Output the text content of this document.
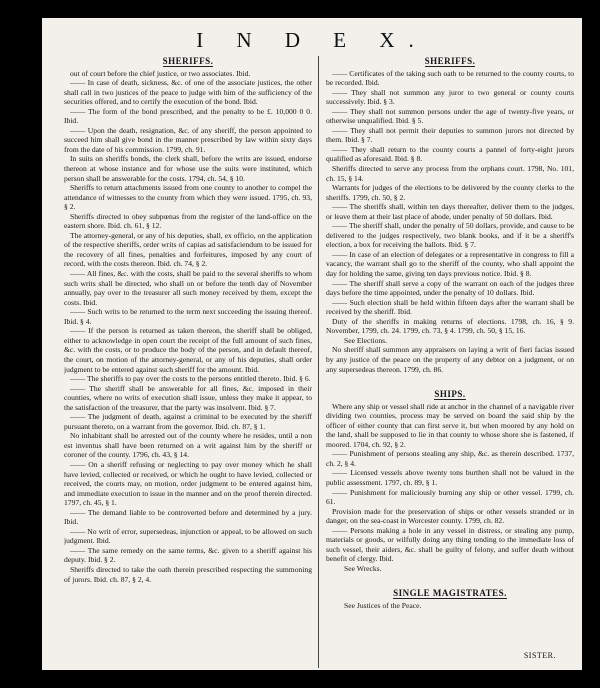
I N D E X.
SHERIFFS.

out of court before the chief justice, or two associates. Ibid.

—— In case of death, sickness, &c. of one of the associate justices, the other shall call in two justices of the peace to judge with him of the sufficiency of the securities offered, and to certify the execution of the bond. Ibid.

—— The form of the bond prescribed, and the penalty to be £. 10,000 0 0. Ibid.

—— Upon the death, resignation, &c. of any sheriff, the person appointed to succeed him shall give bond in the manner prescribed by law within sixty days from the date of his commission. 1799, ch. 91.

In suits on sheriffs bonds, the clerk shall, before the writs are issued, endorse thereon at whose instance and for whose use the suits were instituted, which person shall be answerable for the costs. 1794, ch. 54, § 10.

Sheriffs to return attachments issued from one county to another to compel the attendance of witnesses to the county from which they were issued. 1795, ch. 93, § 2.

Sheriffs directed to obey subpœnas from the register of the land-office on the eastern shore. Ibid. ch. 61, § 12.

The attorney-general, or any of his deputies, shall, ex officio, on the application of the respective sheriffs, order writs of capias ad satisfaciendum to be issued for the recovery of all fines, penalties and forfeitures, imposed by any court of record, with the costs thereon. Ibid. ch. 74, § 2.

—— All fines, &c. with the costs, shall be paid to the several sheriffs to whom such writs shall be directed, who shall on or before the tenth day of November annually, pay over to the treasurer all such money received by them, except the costs. Ibid.

—— Such writs to be returned to the term next succeeding the issuing thereof. Ibid. § 4.

—— If the person is returned as taken thereon, the sheriff shall be obliged, either to acknowledge in open court the receipt of the full amount of such fines, &c. with the costs, or to produce the body of the person, and in default thereof, the court, on motion of the attorney-general, or any of his deputies, shall order judgment to be entered against such sheriff for the amount. Ibid.

—— The sheriffs to pay over the costs to the persons entitled thereto. Ibid. § 6.

—— The sheriff shall be answerable for all fines, &c. imposed in their counties, where no writs of execution shall issue, unless they make it appear, to the satisfaction of the treasurer, that the party was insolvent. Ibid. § 7.

—— The judgment of death, against a criminal to be executed by the sheriff pursuant thereto, on a warrant from the governor. Ibid. ch. 87, § 1.

No inhabitant shall be arrested out of the county where he resides, until a non est inventus shall have been returned on a writ against him by the sheriff or coroner of the county. 1796, ch. 43, § 14.

—— On a sheriff refusing or neglecting to pay over money which he shall have levied, collected or received, or which he ought to have levied, collected or received, the courts may, on motion, order judgment to be entered against him, and immediate execution to issue in the manner and on the proof therein directed. 1797, ch. 45, § 1.

—— The demand liable to be controverted before and determined by a jury. Ibid.

—— No writ of error, supersedeas, injunction or appeal, to be allowed on such judgment. Ibid.

—— The same remedy on the same terms, &c. given to a sheriff against his deputy. Ibid. § 2.

Sheriffs directed to take the oath therein prescribed respecting the summoning of jurors. Ibid. ch. 87, § 2, 4.

SHERIFFS.

—— Certificates of the taking such oath to be returned to the county courts, to be recorded. Ibid.

—— They shall not summon any juror to two general or county courts successively. Ibid. § 3.

—— They shall not summon persons under the age of twenty-five years, or otherwise unqualified. Ibid. § 5.

—— They shall not permit their deputies to summon jurors not directed by them. Ibid. § 7.

—— They shall return to the county courts a pannel of forty-eight jurors qualified as aforesaid. Ibid. § 8.

Sheriffs directed to serve any process from the orphans court. 1798, No. 101, ch. 15, § 14.

Warrants for judges of the elections to be delivered by the county clerks to the sheriffs. 1799, ch. 50, § 2.

—— The sheriffs shall, within ten days thereafter, deliver them to the judges, or leave them at their last place of abode, under penalty of 50 dollars. Ibid.

—— The sheriff shall, under the penalty of 50 dollars, provide, and cause to be delivered to the judges respectively, two blank books, and if it be a sheriff's election, a box for receiving the ballots. Ibid. § 7.

—— In case of an election of delegates or a representative in congress to fill a vacancy, the warrant shall go to the sheriff of the county, who shall appoint the day for holding the same, giving ten days previous notice. Ibid. § 8.

—— The sheriff shall serve a copy of the warrant on each of the judges three days before the time appointed, under the penalty of 10 dollars. Ibid.

—— Such election shall be held within fifteen days after the warrant shall be received by the sheriff. Ibid.

Duty of the sheriffs in making returns of elections. 1798, ch. 16, § 9. November, 1799, ch. 24. 1799, ch. 73, § 4. 1799, ch. 50, § 15, 16.

See Elections.

No sheriff shall summon any appraisers on laying a writ of fieri facias issued by any justice of the peace on the property of any debtor on a judgment, or on any supersedeas thereon. 1799, ch. 86.

SHIPS.

Where any ship or vessel shall ride at anchor in the channel of a navigable river dividing two counties, process may be served on board the said ship by the officer of either county that can first serve it, but when moored by any hold on the land, shall be supposed to lie in that county to whose shore she is fastened, if moored. 1704, ch. 92, § 2.

—— Punishment of persons stealing any ship, &c. as therein described. 1737, ch. 2, § 4.

—— Licensed vessels above twenty tons burthen shall not be valued in the public assessment. 1797, ch. 89, § 1.

—— Punishment for maliciously burning any ship or other vessel. 1799, ch. 61.

Provision made for the preservation of ships or other vessels stranded or in danger, on the sea-coast in Worcester county. 1799, ch. 82.

—— Persons making a hole in any vessel in distress, or stealing any pump, materials or goods, or wilfully doing any thing tending to the immediate loss of such vessel, their aiders, &c. shall be guilty of felony, and suffer death without benefit of clergy. Ibid.

See Wrecks.

SINGLE MAGISTRATES.

See Justices of the Peace.

SISTER.
